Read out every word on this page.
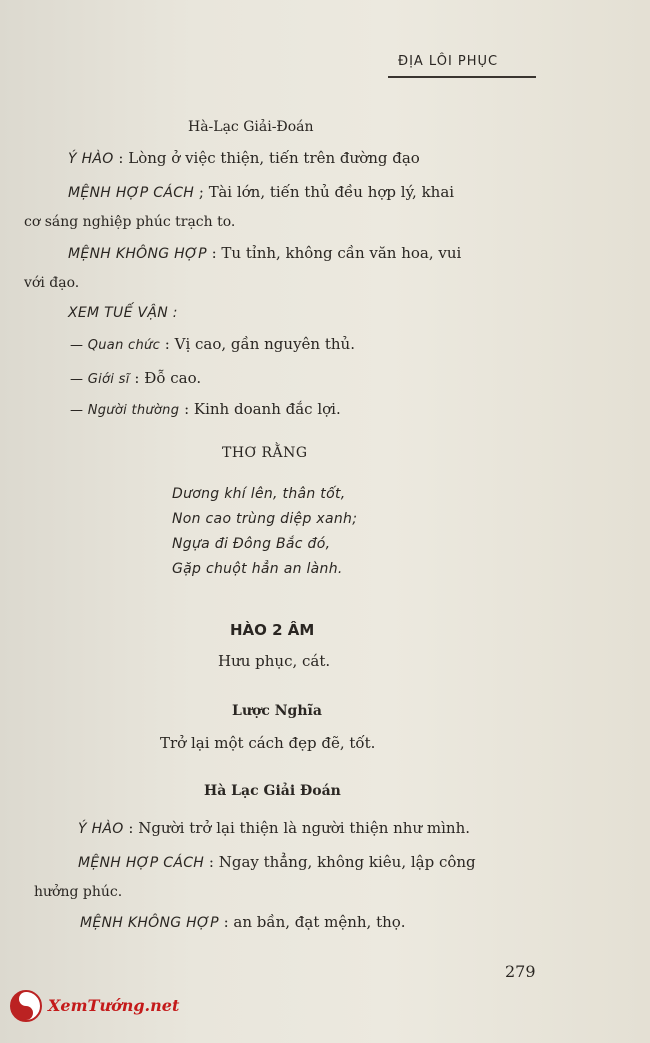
ĐỊA LÔI PHỤC
Hà-Lạc Giải-Đoán
Ý HÀO : Lòng ở việc thiện, tiến trên đường đạo
MỆNH HỢP CÁCH ; Tài lớn, tiến thủ đều hợp lý, khai
cơ sáng nghiệp phúc trạch to.
MỆNH KHÔNG HỢP : Tu tỉnh, không cần văn hoa, vui
với đạo.
XEM TUẾ VẬN :
— Quan chức : Vị cao, gần nguyên thủ.
— Giới sĩ : Đỗ cao.
— Người thường : Kinh doanh đắc lợi.
THƠ RẰNG
Dương khí lên, thân tốt,
Non cao trùng diệp xanh;
Ngựa đi Đông Bắc đó,
Gặp chuột hẳn an lành.
HÀO 2 ÂM
Hưu phục, cát.
Lược Nghĩa
Trở lại một cách đẹp đẽ, tốt.
Hà Lạc Giải Đoán
Ý HÀO : Người trở lại thiện là người thiện như mình.
MỆNH HỢP CÁCH : Ngay thẳng, không kiêu, lập công
hưởng phúc.
MỆNH KHÔNG HỢP : an bần, đạt mệnh, thọ.
279
XemTướng.net
